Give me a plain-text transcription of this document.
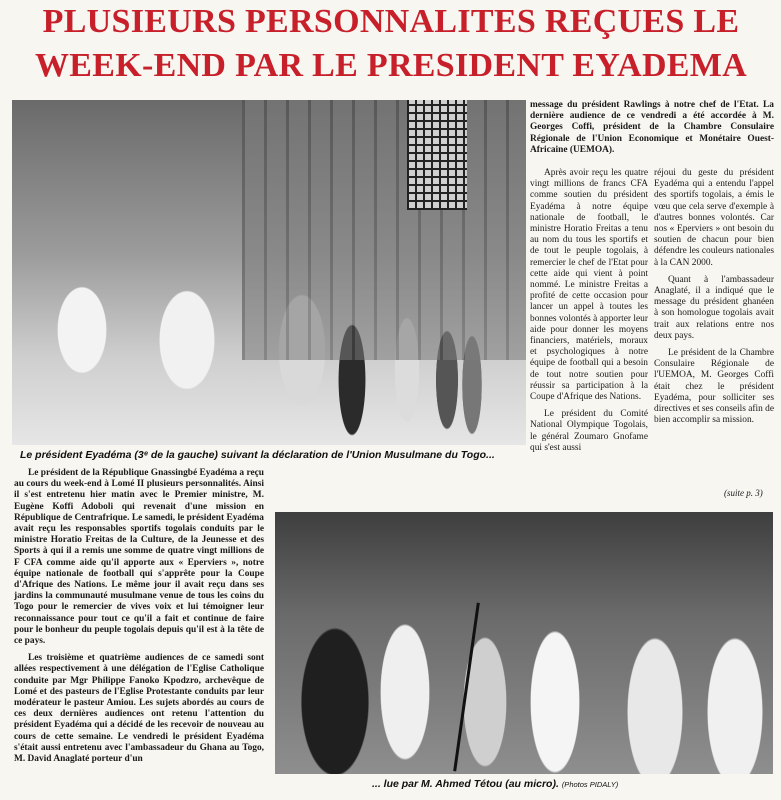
PLUSIEURS PERSONNALITES REÇUES LE
WEEK-END PAR LE PRESIDENT EYADEMA
Le président Eyadéma (3ᵉ de la gauche) suivant la déclaration de l'Union Musulmane du Togo...

message du président Rawlings à notre chef de l'Etat. La dernière audience de ce vendredi a été accordée à M. Georges Coffi, président de la Chambre Consulaire Régionale de l'Union Economique et Monétaire Ouest-Africaine (UEMOA).

Après avoir reçu les quatre vingt millions de francs CFA comme soutien du président Eyadéma à notre équipe nationale de football, le ministre Horatio Freitas a tenu au nom du tous les sportifs et de tout le peuple togolais, à remercier le chef de l'Etat pour cette aide qui vient à point nommé. Le ministre Freitas a profité de cette occasion pour lancer un appel à toutes les bonnes volontés à apporter leur aide pour donner les moyens financiers, matériels, moraux et psychologiques à notre équipe de football qui a besoin de tout notre soutien pour réussir sa participation à la Coupe d'Afrique des Nations.

Le président du Comité National Olympique Togolais, le général Zoumaro Gnofame qui s'est aussi

réjoui du geste du président Eyadéma qui a entendu l'appel des sportifs togolais, a émis le vœu que cela serve d'exemple à d'autres bonnes volontés. Car nos « Eperviers » ont besoin du soutien de chacun pour bien défendre les couleurs nationales à la CAN 2000.

Quant à l'ambassadeur Anaglaté, il a indiqué que le message du président ghanéen à son homologue togolais avait trait aux relations entre nos deux pays.

Le président de la Chambre Consulaire Régionale de l'UEMOA, M. Georges Coffi était chez le président Eyadéma, pour solliciter ses directives et ses conseils afin de bien accomplir sa mission.

(suite p. 3)

Le président de la République Gnassingbé Eyadéma a reçu au cours du week-end à Lomé II plusieurs personnalités. Ainsi il s'est entretenu hier matin avec le Premier ministre, M. Eugène Koffi Adoboli qui revenait d'une mission en République de Centrafrique. Le samedi, le président Eyadéma avait reçu les responsables sportifs togolais conduits par le ministre Horatio Freitas de la Culture, de la Jeunesse et des Sports à qui il a remis une somme de quatre vingt millions de F CFA comme aide qu'il apporte aux « Eperviers », notre équipe nationale de football qui s'apprête pour la Coupe d'Afrique des Nations. Le même jour il avait reçu dans ses jardins la communauté musulmane venue de tous les coins du Togo pour le remercier de vives voix et lui témoigner leur reconnaissance pour tout ce qu'il a fait et continue de faire pour le bonheur du peuple togolais depuis qu'il est à la tête de ce pays.

Les troisième et quatrième audiences de ce samedi sont allées respectivement à une délégation de l'Eglise Catholique conduite par Mgr Philippe Fanoko Kpodzro, archevêque de Lomé et des pasteurs de l'Eglise Protestante conduits par leur modérateur le pasteur Amiou. Les sujets abordés au cours de ces deux dernières audiences ont retenu l'attention du président Eyadéma qui a décidé de les recevoir de nouveau au cours de cette semaine. Le vendredi le président Eyadéma s'était aussi entretenu avec l'ambassadeur du Ghana au Togo, M. David Anaglaté porteur d'un

... lue par M. Ahmed Tétou (au micro). (Photos PIDALY)
